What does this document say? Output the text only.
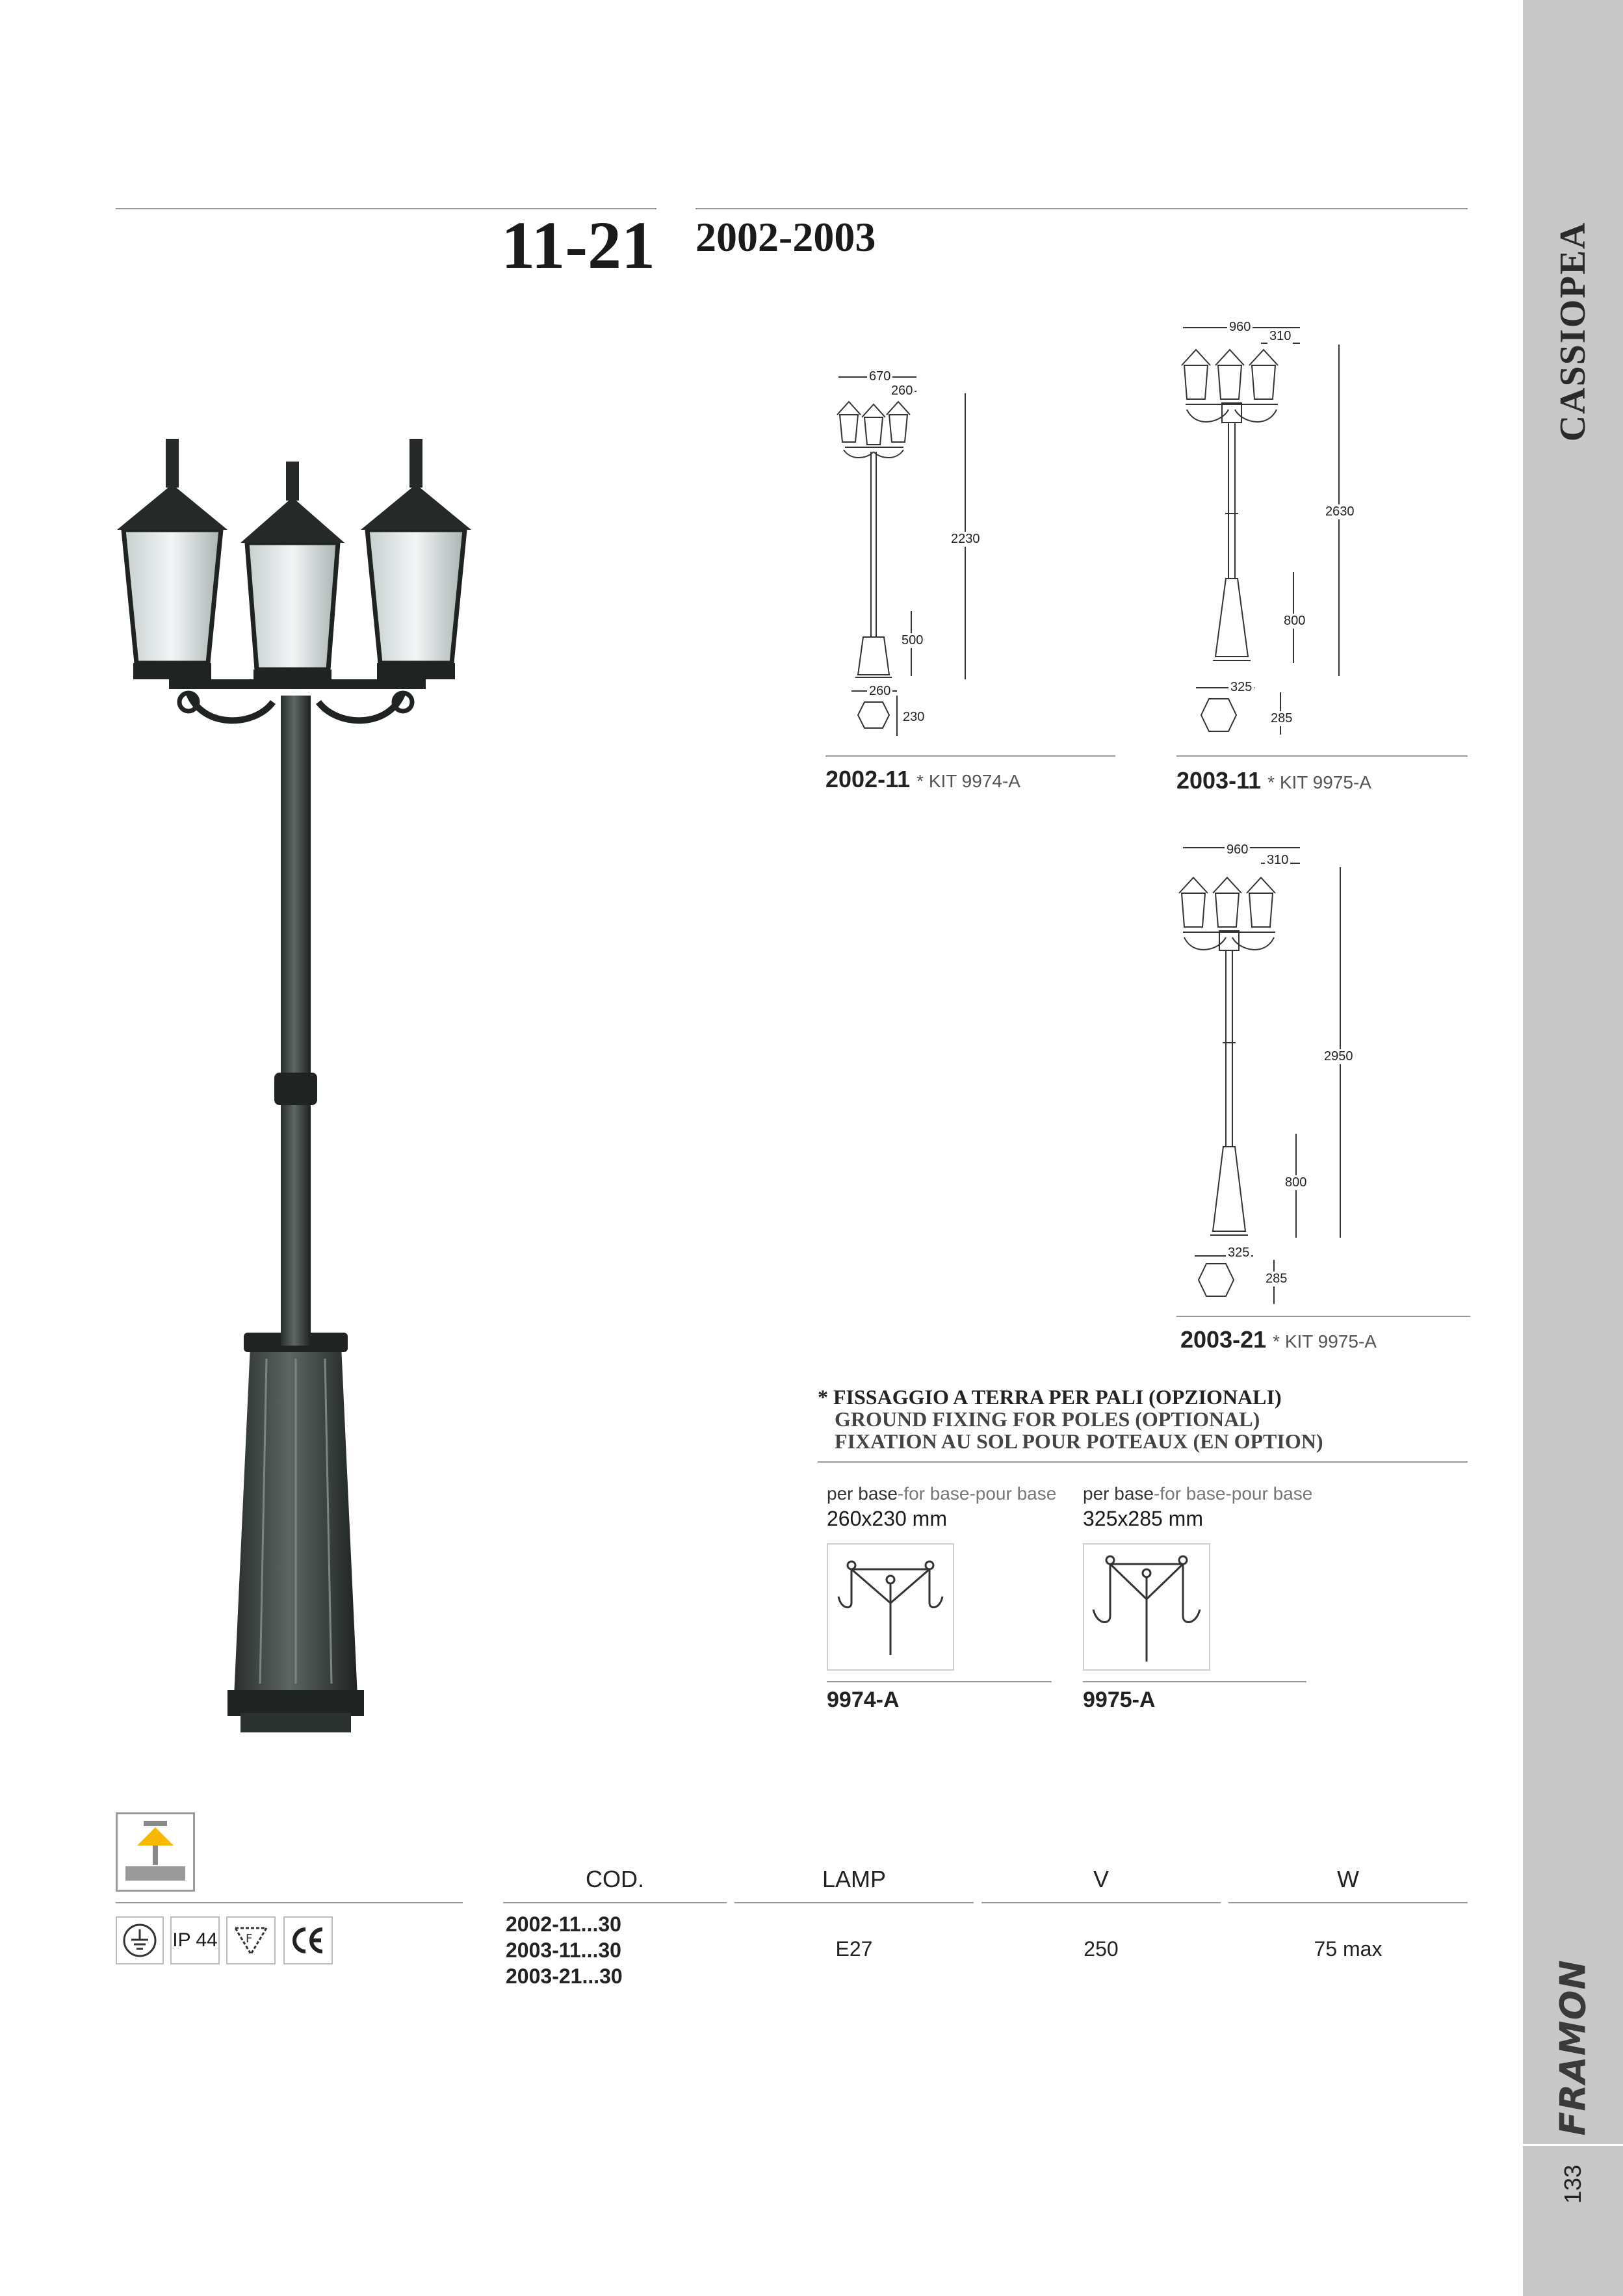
CASSIOPEA
FRAMON
133
11-21 2002-2003
670
260
2230
500
260
230
2002-11 * KIT 9974-A
960
310
2630
800
325
285
2003-11 * KIT 9975-A
960
310
2950
800
325
285
2003-21 * KIT 9975-A
* FISSAGGIO A TERRA PER PALI (OPZIONALI)
GROUND FIXING FOR POLES (OPTIONAL)
FIXATION AU SOL POUR POTEAUX (EN OPTION)
per base-for base-pour base
260x230 mm
9974-A
per base-for base-pour base
325x285 mm
9975-A
IP 44 F
COD.	LAMP	V	W
2002-11...30
2003-11...30
2003-21...30
E27	250	75 max
